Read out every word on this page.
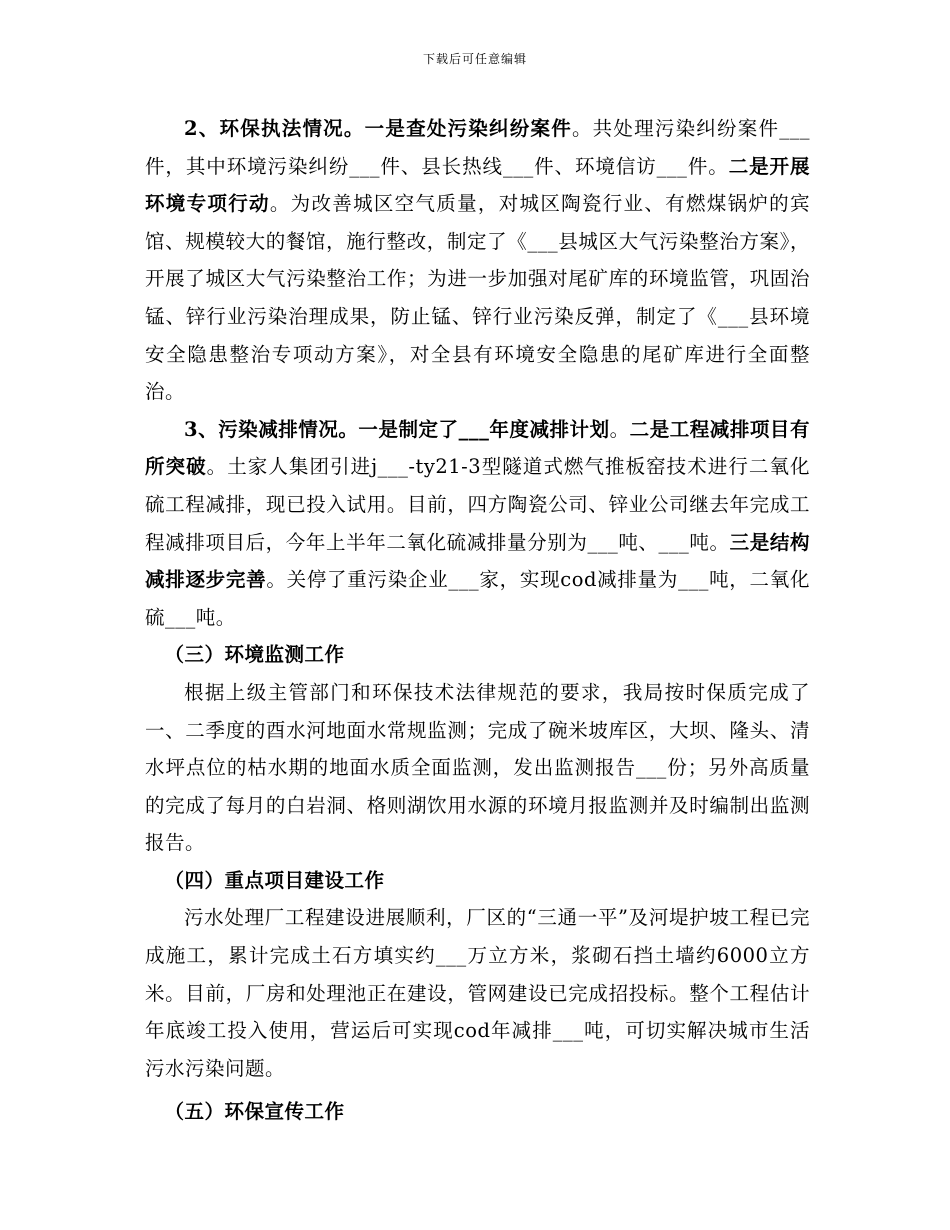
下载后可任意编辑

2、环保执法情况。一是查处污染纠纷案件。共处理污染纠纷案件___件，其中环境污染纠纷___件、县长热线___件、环境信访___件。二是开展环境专项行动。为改善城区空气质量，对城区陶瓷行业、有燃煤锅炉的宾馆、规模较大的餐馆，施行整改，制定了《___县城区大气污染整治方案》，开展了城区大气污染整治工作；为进一步加强对尾矿库的环境监管，巩固治锰、锌行业污染治理成果，防止锰、锌行业污染反弹，制定了《___县环境安全隐患整治专项动方案》，对全县有环境安全隐患的尾矿库进行全面整治。

3、污染减排情况。一是制定了___年度减排计划。二是工程减排项目有所突破。土家人集团引进j___-ty21-3型隧道式燃气推板窑技术进行二氧化硫工程减排，现已投入试用。目前，四方陶瓷公司、锌业公司继去年完成工程减排项目后，今年上半年二氧化硫减排量分别为___吨、___吨。三是结构减排逐步完善。关停了重污染企业___家，实现cod减排量为___吨，二氧化硫___吨。

（三）环境监测工作

根据上级主管部门和环保技术法律规范的要求，我局按时保质完成了一、二季度的酉水河地面水常规监测；完成了碗米坡库区，大坝、隆头、清水坪点位的枯水期的地面水质全面监测，发出监测报告___份；另外高质量的完成了每月的白岩洞、格则湖饮用水源的环境月报监测并及时编制出监测报告。

（四）重点项目建设工作

污水处理厂工程建设进展顺利，厂区的“三通一平”及河堤护坡工程已完成施工，累计完成土石方填实约___万立方米，浆砌石挡土墙约6000立方米。目前，厂房和处理池正在建设，管网建设已完成招投标。整个工程估计年底竣工投入使用，营运后可实现cod年减排___吨，可切实解决城市生活污水污染问题。

（五）环保宣传工作
